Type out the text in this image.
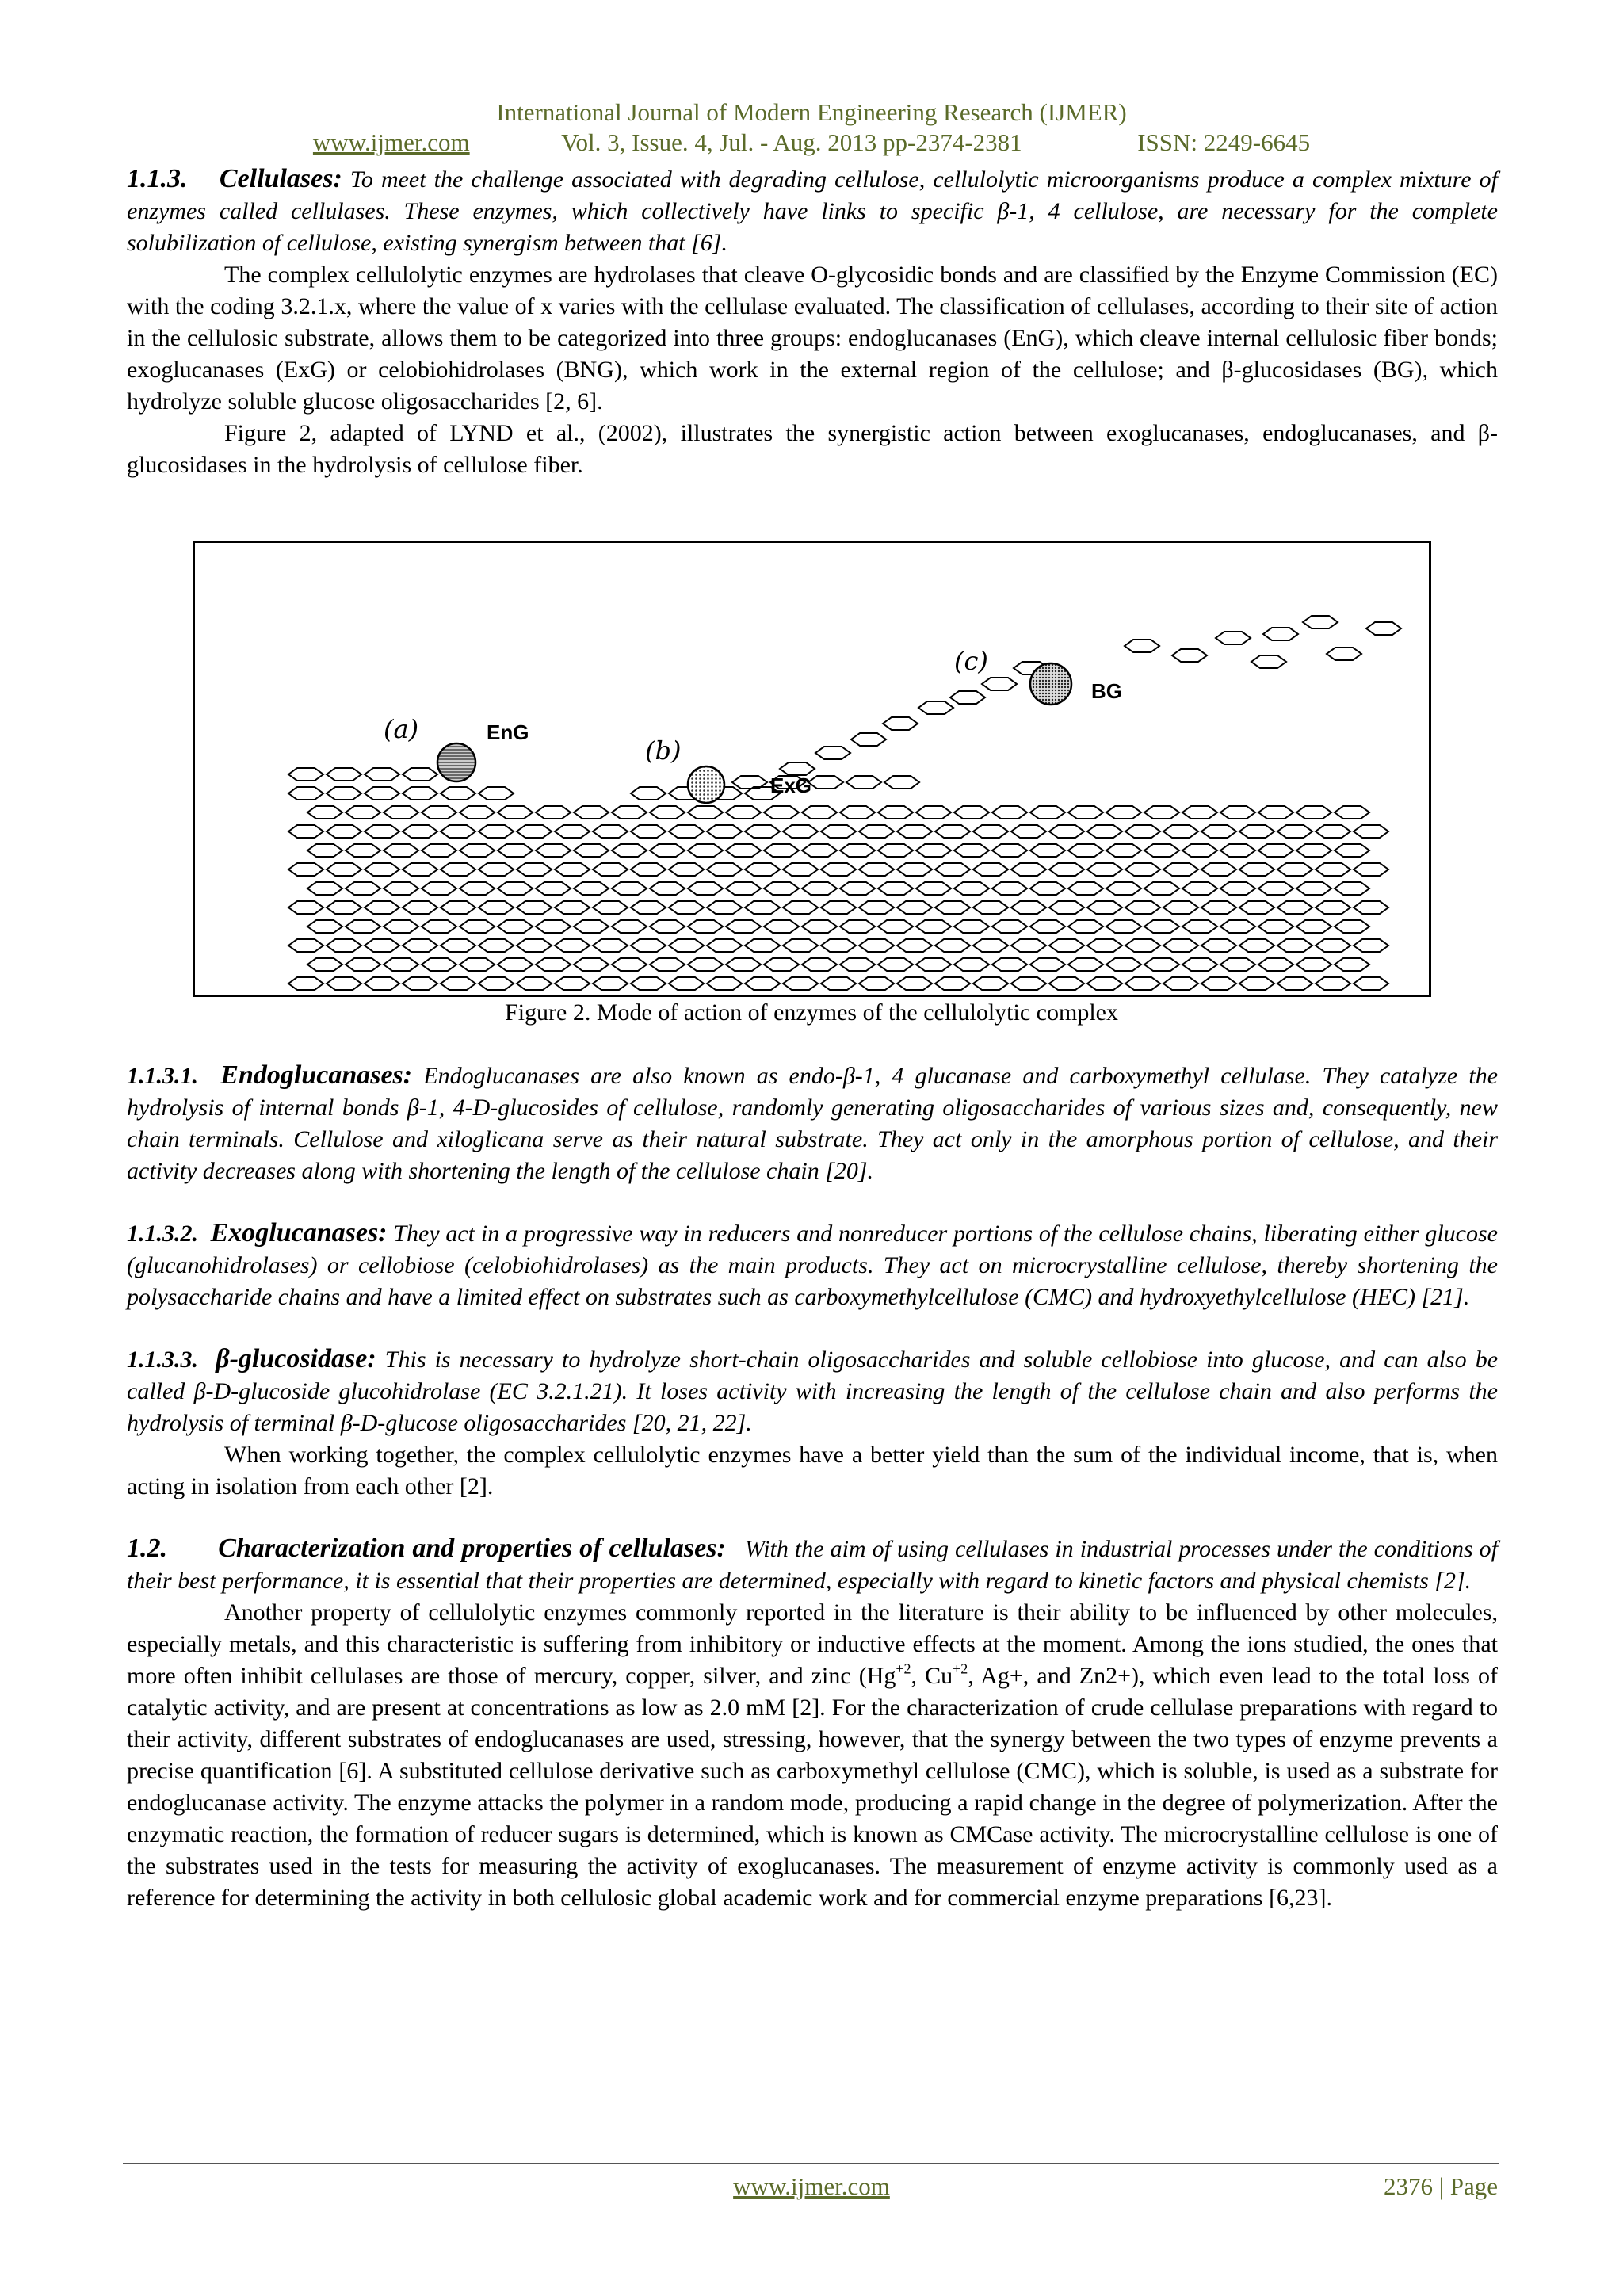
International Journal of Modern Engineering Research (IJMER)
www.ijmer.com	Vol. 3, Issue. 4, Jul. - Aug. 2013 pp-2374-2381	ISSN: 2249-6645

1.1.3. Cellulases: To meet the challenge associated with degrading cellulose, cellulolytic microorganisms produce a complex mixture of enzymes called cellulases. These enzymes, which collectively have links to specific β-1, 4 cellulose, are necessary for the complete solubilization of cellulose, existing synergism between that [6].

The complex cellulolytic enzymes are hydrolases that cleave O-glycosidic bonds and are classified by the Enzyme Commission (EC) with the coding 3.2.1.x, where the value of x varies with the cellulase evaluated. The classification of cellulases, according to their site of action in the cellulosic substrate, allows them to be categorized into three groups: endoglucanases (EnG), which cleave internal cellulosic fiber bonds; exoglucanases (ExG) or celobiohidrolases (BNG), which work in the external region of the cellulose; and β-glucosidases (BG), which hydrolyze soluble glucose oligosaccharides [2, 6].

Figure 2, adapted of LYND et al., (2002), illustrates the synergistic action between exoglucanases, endoglucanases, and β-glucosidases in the hydrolysis of cellulose fiber.

(a)	EnG
(b)
ExG
(c)
BG
Figure 2. Mode of action of enzymes of the cellulolytic complex

1.1.3.1. Endoglucanases: Endoglucanases are also known as endo-β-1, 4 glucanase and carboxymethyl cellulase. They catalyze the hydrolysis of internal bonds β-1, 4-D-glucosides of cellulose, randomly generating oligosaccharides of various sizes and, consequently, new chain terminals. Cellulose and xiloglicana serve as their natural substrate. They act only in the amorphous portion of cellulose, and their activity decreases along with shortening the length of the cellulose chain [20].

1.1.3.2. Exoglucanases: They act in a progressive way in reducers and nonreducer portions of the cellulose chains, liberating either glucose (glucanohidrolases) or cellobiose (celobiohidrolases) as the main products. They act on microcrystalline cellulose, thereby shortening the polysaccharide chains and have a limited effect on substrates such as carboxymethylcellulose (CMC) and hydroxyethylcellulose (HEC) [21].

1.1.3.3. β-glucosidase: This is necessary to hydrolyze short-chain oligosaccharides and soluble cellobiose into glucose, and can also be called β-D-glucoside glucohidrolase (EC 3.2.1.21). It loses activity with increasing the length of the cellulose chain and also performs the hydrolysis of terminal β-D-glucose oligosaccharides [20, 21, 22].

When working together, the complex cellulolytic enzymes have a better yield than the sum of the individual income, that is, when acting in isolation from each other [2].

1.2. Characterization and properties of cellulases: With the aim of using cellulases in industrial processes under the conditions of their best performance, it is essential that their properties are determined, especially with regard to kinetic factors and physical chemists [2].

Another property of cellulolytic enzymes commonly reported in the literature is their ability to be influenced by other molecules, especially metals, and this characteristic is suffering from inhibitory or inductive effects at the moment. Among the ions studied, the ones that more often inhibit cellulases are those of mercury, copper, silver, and zinc ($Hg^{+2}$, $Cu^{+2}$, Ag+, and Zn2+), which even lead to the total loss of catalytic activity, and are present at concentrations as low as 2.0 mM [2]. For the characterization of crude cellulase preparations with regard to their activity, different substrates of endoglucanases are used, stressing, however, that the synergy between the two types of enzyme prevents a precise quantification [6]. A substituted cellulose derivative such as carboxymethyl cellulose (CMC), which is soluble, is used as a substrate for endoglucanase activity. The enzyme attacks the polymer in a random mode, producing a rapid change in the degree of polymerization. After the enzymatic reaction, the formation of reducer sugars is determined, which is known as CMCase activity. The microcrystalline cellulose is one of the substrates used in the tests for measuring the activity of exoglucanases. The measurement of enzyme activity is commonly used as a reference for determining the activity in both cellulosic global academic work and for commercial enzyme preparations [6,23].

www.ijmer.com	2376 | Page
